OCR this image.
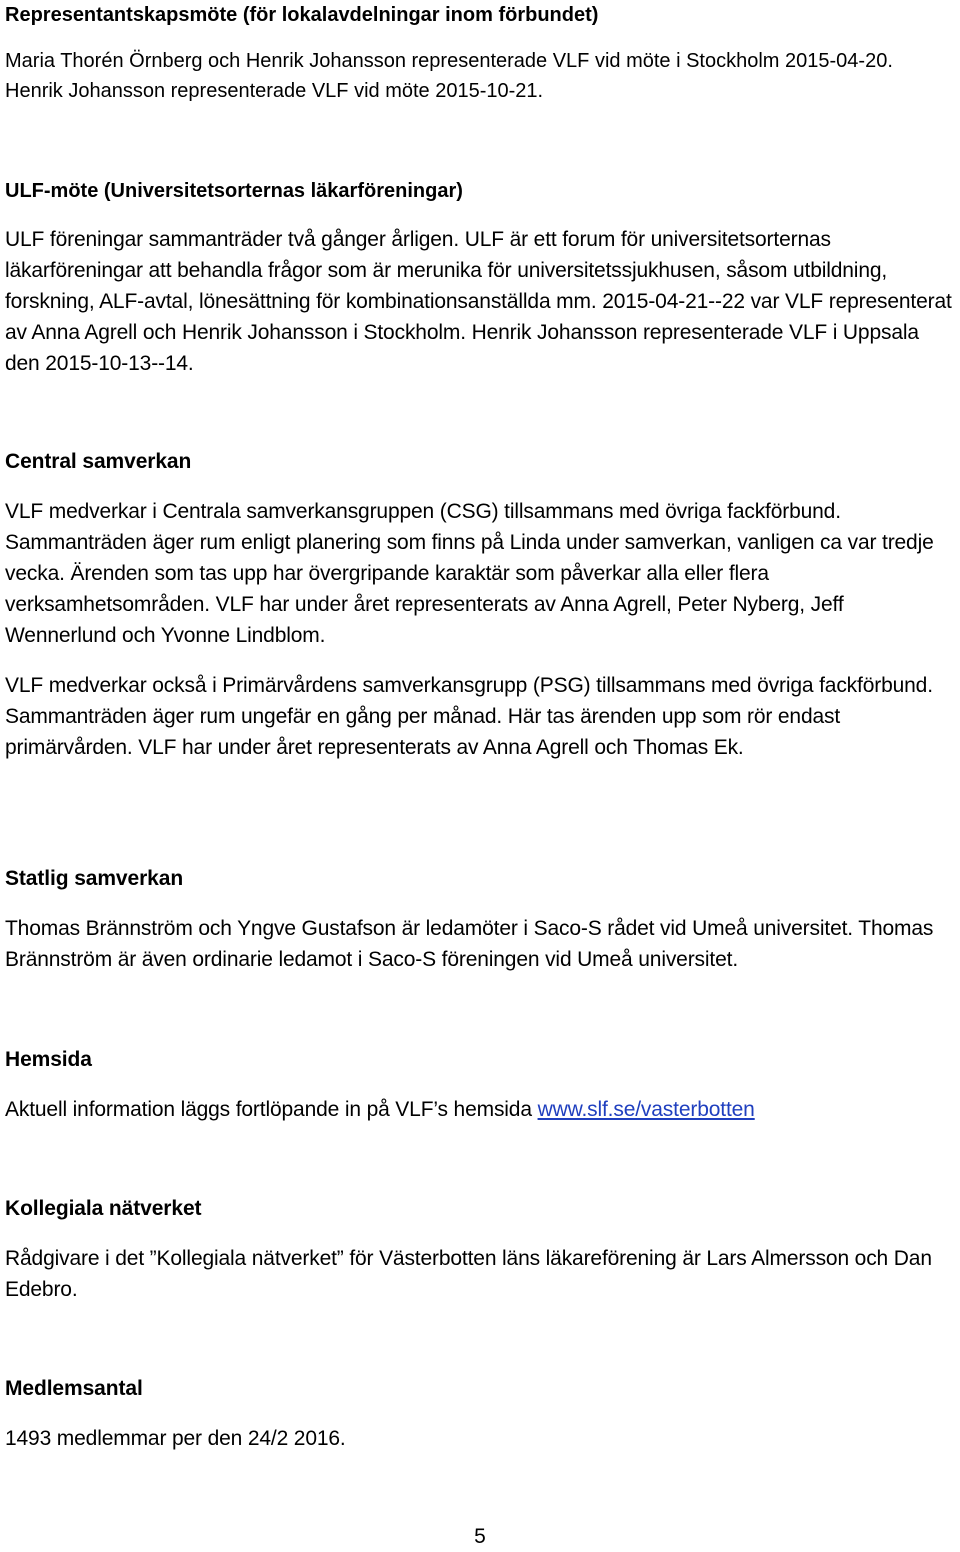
Representantskapsmöte (för lokalavdelningar inom förbundet)

Maria Thorén Örnberg och Henrik Johansson representerade VLF vid möte i Stockholm 2015-04-20. Henrik Johansson representerade VLF vid möte 2015-10-21.

ULF-möte (Universitetsorternas läkarföreningar)

ULF föreningar sammanträder två gånger årligen. ULF är ett forum för universitetsorternas läkarföreningar att behandla frågor som är merunika för universitetssjukhusen, såsom utbildning, forskning, ALF-avtal, lönesättning för kombinationsanställda mm. 2015-04-21--22 var VLF representerat av Anna Agrell och Henrik Johansson i Stockholm. Henrik Johansson representerade VLF i Uppsala den 2015-10-13--14.

Central samverkan

VLF medverkar i Centrala samverkansgruppen (CSG) tillsammans med övriga fackförbund. Sammanträden äger rum enligt planering som finns på Linda under samverkan, vanligen ca var tredje vecka. Ärenden som tas upp har övergripande karaktär som påverkar alla eller flera verksamhetsområden. VLF har under året representerats av Anna Agrell, Peter Nyberg, Jeff Wennerlund och Yvonne Lindblom.

VLF medverkar också i Primärvårdens samverkansgrupp (PSG) tillsammans med övriga fackförbund. Sammanträden äger rum ungefär en gång per månad. Här tas ärenden upp som rör endast primärvården. VLF har under året representerats av Anna Agrell och Thomas Ek.

Statlig samverkan

Thomas Brännström och Yngve Gustafson är ledamöter i Saco-S rådet vid Umeå universitet. Thomas Brännström är även ordinarie ledamot i Saco-S föreningen vid Umeå universitet.

Hemsida

Aktuell information läggs fortlöpande in på VLF’s hemsida www.slf.se/vasterbotten

Kollegiala nätverket

Rådgivare i det ”Kollegiala nätverket” för Västerbotten läns läkareförening är Lars Almersson och Dan Edebro.

Medlemsantal

1493 medlemmar per den 24/2 2016.

5
